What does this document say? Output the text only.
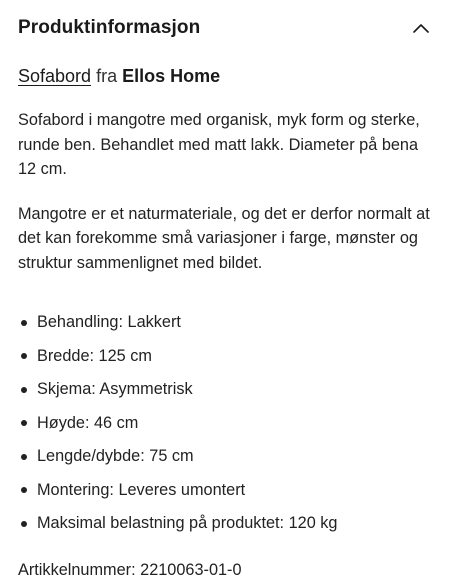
Produktinformasjon
Sofabord fra Ellos Home

Sofabord i mangotre med organisk, myk form og sterke, runde ben. Behandlet med matt lakk. Diameter på bena 12 cm.

Mangotre er et naturmateriale, og det er derfor normalt at det kan forekomme små variasjoner i farge, mønster og struktur sammenlignet med bildet.

Behandling: Lakkert
Bredde: 125 cm
Skjema: Asymmetrisk
Høyde: 46 cm
Lengde/dybde: 75 cm
Montering: Leveres umontert
Maksimal belastning på produktet: 120 kg
Artikkelnummer: 2210063-01-0
